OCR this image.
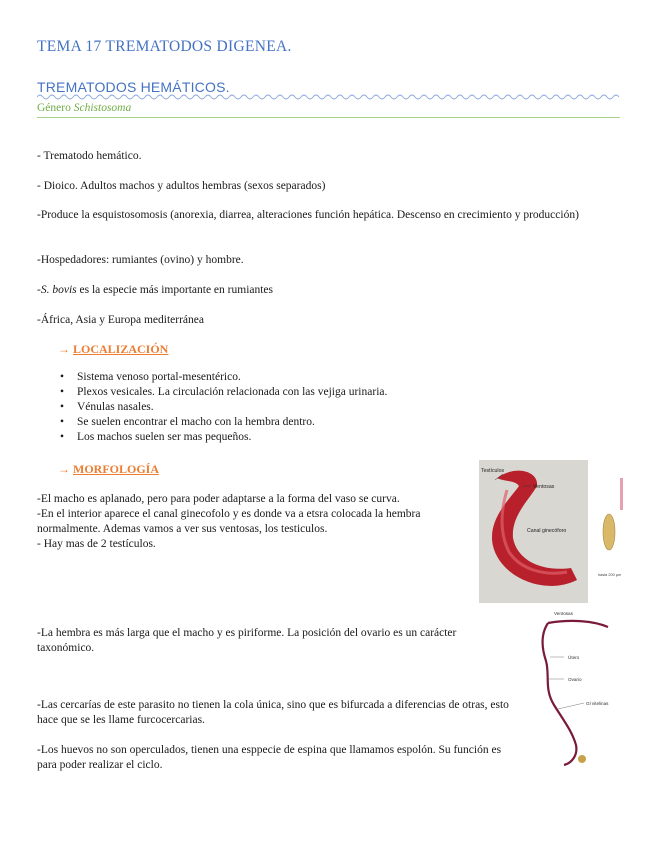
TEMA 17 TREMATODOS DIGENEA.
TREMATODOS HEMÁTICOS.
Género Schistosoma
- Trematodo hemático.
- Dioico. Adultos machos y adultos hembras (sexos separados)
-Produce la esquistosomosis (anorexia, diarrea, alteraciones función hepática. Descenso en crecimiento y producción)
-Hospedadores: rumiantes (ovino) y hombre.
-S. bovis es la especie más importante en rumiantes
-África, Asia y Europa mediterránea
→ LOCALIZACIÓN
• Sistema venoso portal-mesentérico.
• Plexos vesicales. La circulación relacionada con las vejiga urinaria.
• Vénulas nasales.
• Se suelen encontrar el macho con la hembra dentro.
• Los machos suelen ser mas pequeños.
→ MORFOLOGÍA
-El macho es aplanado, pero para poder adaptarse a la forma del vaso se curva.
-En el interior aparece el canal ginecofolo y es donde va a etsra colocada la hembra normalmente. Ademas vamos a ver sus ventosas, los testiculos.
- Hay mas de 2 testículos.
-La hembra es más larga que el macho y es piriforme. La posición del ovario es un carácter taxonómico.
-Las cercarías de este parasito no tienen la cola única, sino que es bifurcada a diferencias de otras, esto hace que se les llame furcocercarias.
-Los huevos no son operculados, tienen una esppecie de espina que llamamos espolón. Su función es para poder realizar el ciclo.
Testículos
Ventosas
Canal ginecóforo
hasta 200 µm
Ventosas
Útero
Ovario
Gl vitelinas
